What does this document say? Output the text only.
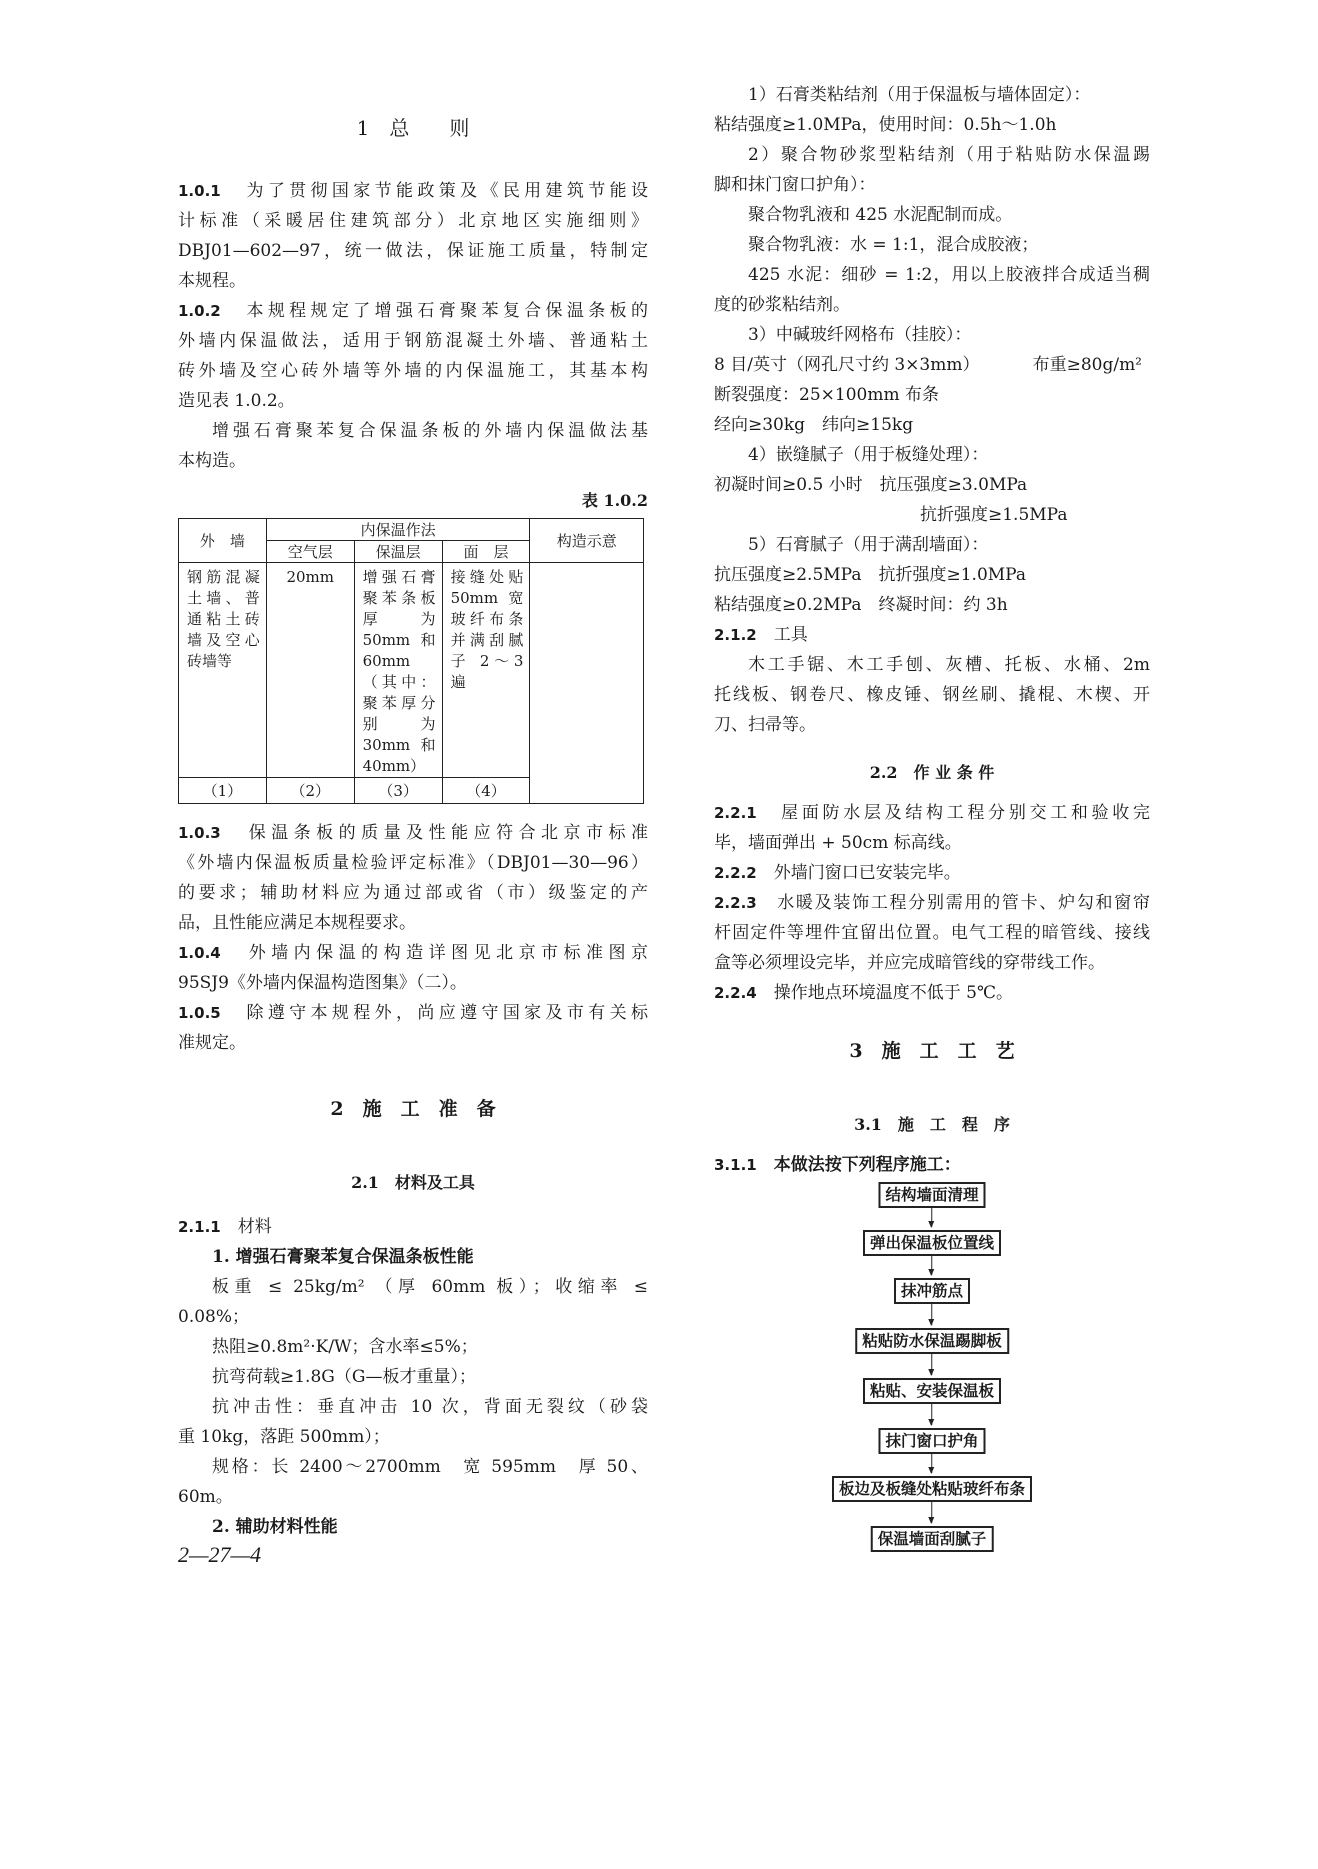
1　总　　则
1.0.1　 为了贯彻国家节能政策及《民用建筑节能设
计标准（采暖居住建筑部分）北京地区实施细则》
DBJ01—602—97，统一做法，保证施工质量，特制定
本规程。
1.0.2　 本规程规定了增强石膏聚苯复合保温条板的
外墙内保温做法，适用于钢筋混凝土外墙、普通粘土
砖外墙及空心砖外墙等外墙的内保温施工，其基本构
造见表 1.0.2。
增强石膏聚苯复合保温条板的外墙内保温做法基
本构造。
表 1.0.2
外　墙	内保温作法			构造示意
	空气层	保温层	面　层	
钢筋混凝土墙、普通粘土砖墙及空心砖墙等	20mm	增强石膏聚苯条板厚为 50mm 和 60mm（其中：聚苯厚分别为 30mm 和 40mm）	接缝处贴 50mm 宽玻纤布条并满刮腻子 2～3 遍	
（1）	（2）	（3）	（4）	
1.0.3　 保温条板的质量及性能应符合北京市标准
《外墙内保温板质量检验评定标准》（DBJ01—30—96）
的要求；辅助材料应为通过部或省（市）级鉴定的产
品，且性能应满足本规程要求。
1.0.4　 外墙内保温的构造详图见北京市标准图京
95SJ9《外墙内保温构造图集》（二）。
1.0.5　 除遵守本规程外，尚应遵守国家及市有关标
准规定。
2　施　工　准　备
2.1　材料及工具
2.1.1　 材料
1. 增强石膏聚苯复合保温条板性能
板重 ≤ 25kg/m² （厚 60mm 板）；收缩率 ≤
0.08%；
热阻≥0.8m²·K/W；含水率≤5%；
抗弯荷载≥1.8G（G—板才重量）；
抗冲击性：垂直冲击 10 次，背面无裂纹（砂袋
重 10kg，落距 500mm）；
规格：长 2400～2700mm　宽 595mm　厚 50、
60m。
2. 辅助材料性能
2—27—4
1）石膏类粘结剂（用于保温板与墙体固定）：
粘结强度≥1.0MPa，使用时间：0.5h～1.0h
2）聚合物砂浆型粘结剂（用于粘贴防水保温踢
脚和抹门窗口护角）：
聚合物乳液和 425 水泥配制而成。
聚合物乳液：水 = 1:1，混合成胶液；
425 水泥：细砂 = 1:2，用以上胶液拌合成适当稠
度的砂浆粘结剂。
3）中碱玻纤网格布（挂胶）：
8 目/英寸（网孔尺寸约 3×3mm）	布重≥80g/m²
断裂强度：25×100mm 布条
经向≥30kg　纬向≥15kg
4）嵌缝腻子（用于板缝处理）：
初凝时间≥0.5 小时　抗压强度≥3.0MPa
抗折强度≥1.5MPa
5）石膏腻子（用于满刮墙面）：
抗压强度≥2.5MPa　抗折强度≥1.0MPa
粘结强度≥0.2MPa　终凝时间：约 3h
2.1.2　 工具
木工手锯、木工手刨、灰槽、托板、水桶、2m
托线板、钢卷尺、橡皮锤、钢丝刷、撬棍、木楔、开
刀、扫帚等。
2.2　作 业 条 件
2.2.1　 屋面防水层及结构工程分别交工和验收完
毕，墙面弹出 + 50cm 标高线。
2.2.2　 外墙门窗口已安装完毕。
2.2.3　 水暖及装饰工程分别需用的管卡、炉勾和窗帘
杆固定件等埋件宜留出位置。电气工程的暗管线、接线
盒等必须埋设完毕，并应完成暗管线的穿带线工作。
2.2.4　 操作地点环境温度不低于 5℃。
3　施　工　工　艺
3.1　施　工　程　序
3.1.1　 本做法按下列程序施工：
结构墙面清理
弹出保温板位置线
抹冲筋点
粘贴防水保温踢脚板
粘贴、安装保温板
抹门窗口护角
板边及板缝处粘贴玻纤布条
保温墙面刮腻子
